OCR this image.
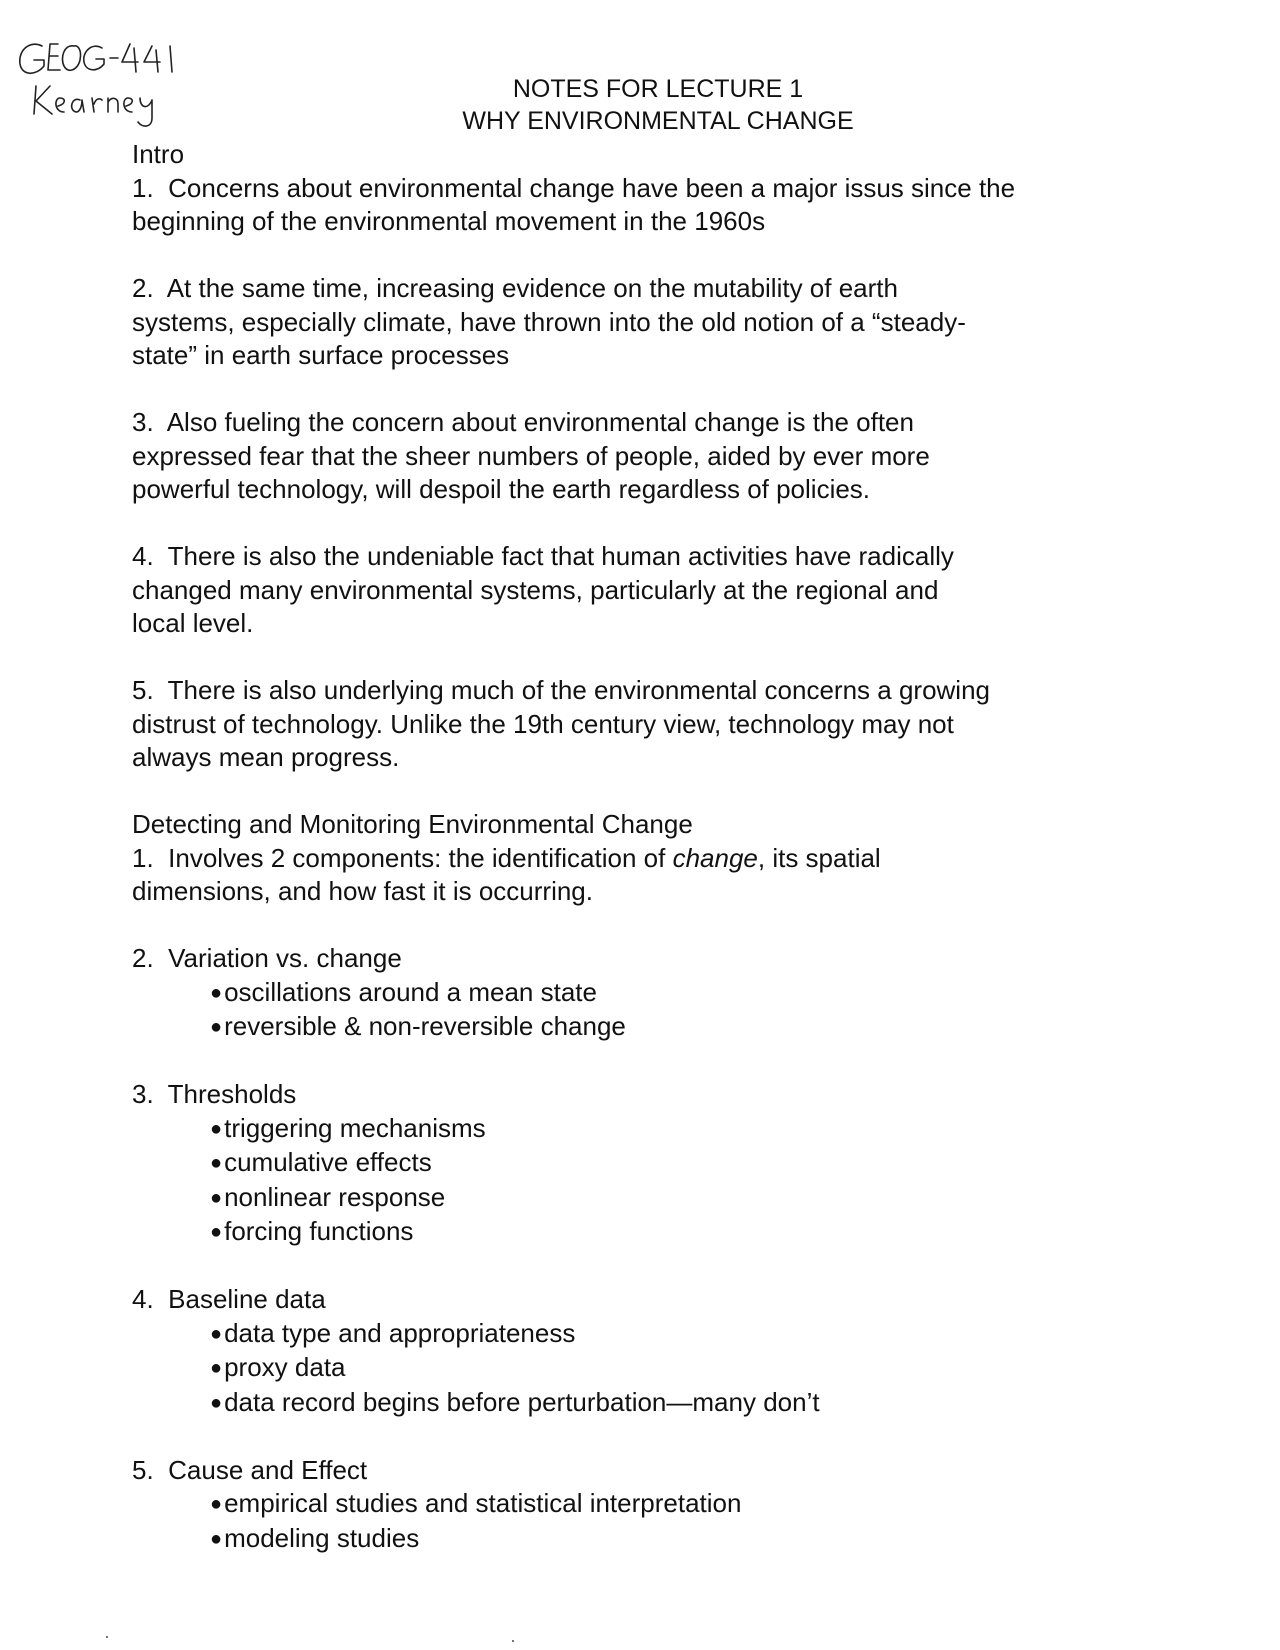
NOTES FOR LECTURE 1
WHY ENVIRONMENTAL CHANGE

Intro

1. Concerns about environmental change have been a major issus since the

beginning of the environmental movement in the 1960s

2. At the same time, increasing evidence on the mutability of earth

systems, especially climate, have thrown into the old notion of a “steady-

state” in earth surface processes

3. Also fueling the concern about environmental change is the often

expressed fear that the sheer numbers of people, aided by ever more

powerful technology, will despoil the earth regardless of policies.

4. There is also the undeniable fact that human activities have radically

changed many environmental systems, particularly at the regional and

local level.

5. There is also underlying much of the environmental concerns a growing

distrust of technology. Unlike the 19th century view, technology may not

always mean progress.

Detecting and Monitoring Environmental Change

1. Involves 2 components: the identification of change, its spatial

dimensions, and how fast it is occurring.

2. Variation vs. change

●oscillations around a mean state

●reversible & non-reversible change

3. Thresholds

●triggering mechanisms

●cumulative effects

●nonlinear response

●forcing functions

4. Baseline data

●data type and appropriateness

●proxy data

●data record begins before perturbation—many don’t

5. Cause and Effect

●empirical studies and statistical interpretation

●modeling studies
